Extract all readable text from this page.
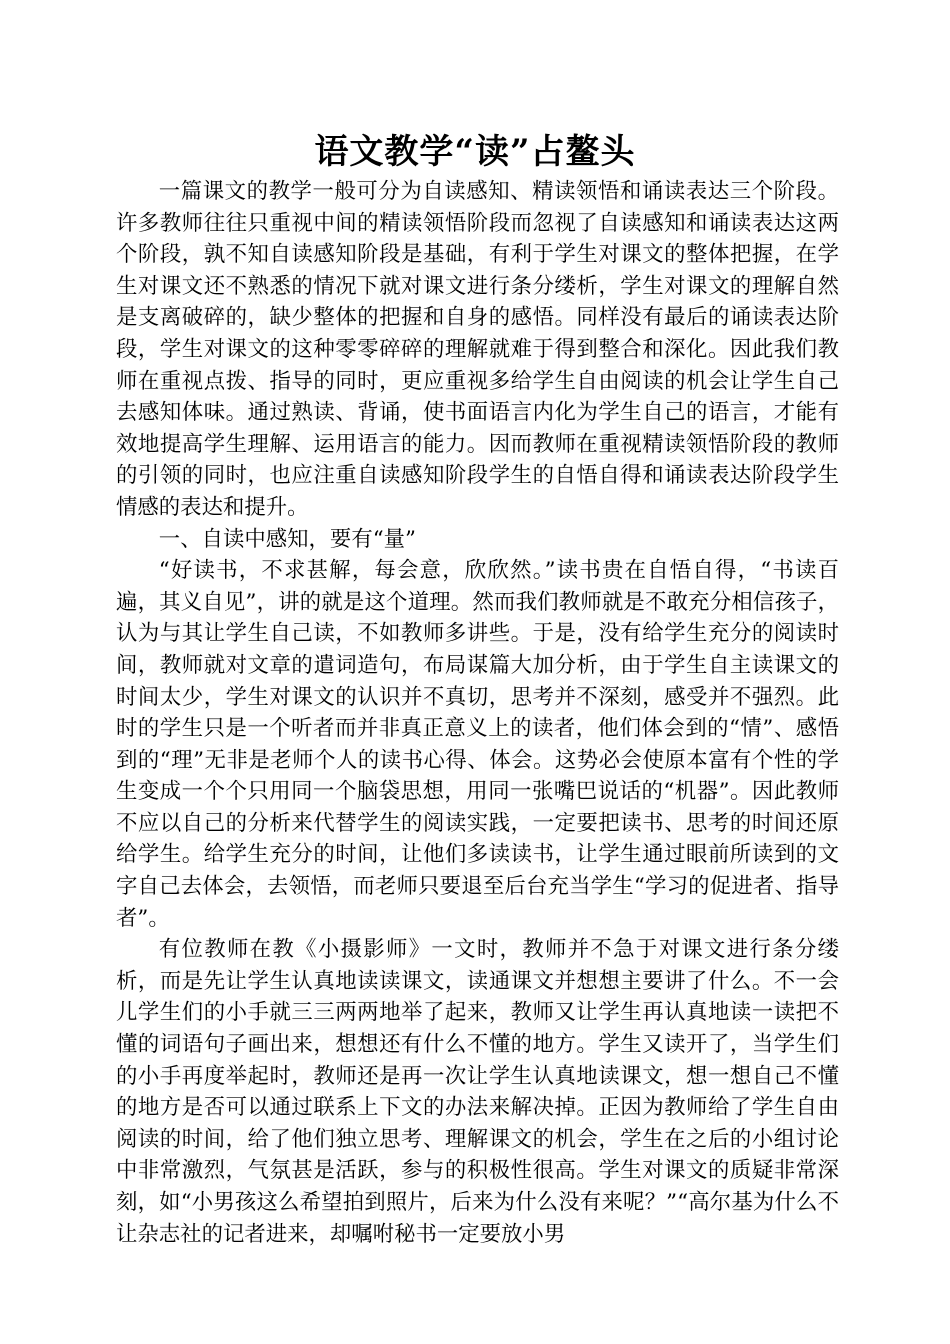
语文教学“读”占鳌头

一篇课文的教学一般可分为自读感知、精读领悟和诵读表达三个阶段。许多教师往往只重视中间的精读领悟阶段而忽视了自读感知和诵读表达这两个阶段，孰不知自读感知阶段是基础，有利于学生对课文的整体把握，在学生对课文还不熟悉的情况下就对课文进行条分缕析，学生对课文的理解自然是支离破碎的，缺少整体的把握和自身的感悟。同样没有最后的诵读表达阶段，学生对课文的这种零零碎碎的理解就难于得到整合和深化。因此我们教师在重视点拨、指导的同时，更应重视多给学生自由阅读的机会让学生自己去感知体味。通过熟读、背诵，使书面语言内化为学生自己的语言，才能有效地提高学生理解、运用语言的能力。因而教师在重视精读领悟阶段的教师的引领的同时，也应注重自读感知阶段学生的自悟自得和诵读表达阶段学生情感的表达和提升。

一、自读中感知，要有“量”

“好读书，不求甚解，每会意，欣欣然。”读书贵在自悟自得，“书读百遍，其义自见”，讲的就是这个道理。然而我们教师就是不敢充分相信孩子，认为与其让学生自己读，不如教师多讲些。于是，没有给学生充分的阅读时间，教师就对文章的遣词造句，布局谋篇大加分析，由于学生自主读课文的时间太少，学生对课文的认识并不真切，思考并不深刻，感受并不强烈。此时的学生只是一个听者而并非真正意义上的读者，他们体会到的“情”、感悟到的“理”无非是老师个人的读书心得、体会。这势必会使原本富有个性的学生变成一个个只用同一个脑袋思想，用同一张嘴巴说话的“机器”。因此教师不应以自己的分析来代替学生的阅读实践，一定要把读书、思考的时间还原给学生。给学生充分的时间，让他们多读读书，让学生通过眼前所读到的文字自己去体会，去领悟，而老师只要退至后台充当学生“学习的促进者、指导者”。

有位教师在教《小摄影师》一文时，教师并不急于对课文进行条分缕析，而是先让学生认真地读读课文，读通课文并想想主要讲了什么。不一会儿学生们的小手就三三两两地举了起来，教师又让学生再认真地读一读把不懂的词语句子画出来，想想还有什么不懂的地方。学生又读开了，当学生们的小手再度举起时，教师还是再一次让学生认真地读课文，想一想自己不懂的地方是否可以通过联系上下文的办法来解决掉。正因为教师给了学生自由阅读的时间，给了他们独立思考、理解课文的机会，学生在之后的小组讨论中非常激烈，气氛甚是活跃，参与的积极性很高。学生对课文的质疑非常深刻，如“小男孩这么希望拍到照片，后来为什么没有来呢？”“高尔基为什么不让杂志社的记者进来，却嘱咐秘书一定要放小男
